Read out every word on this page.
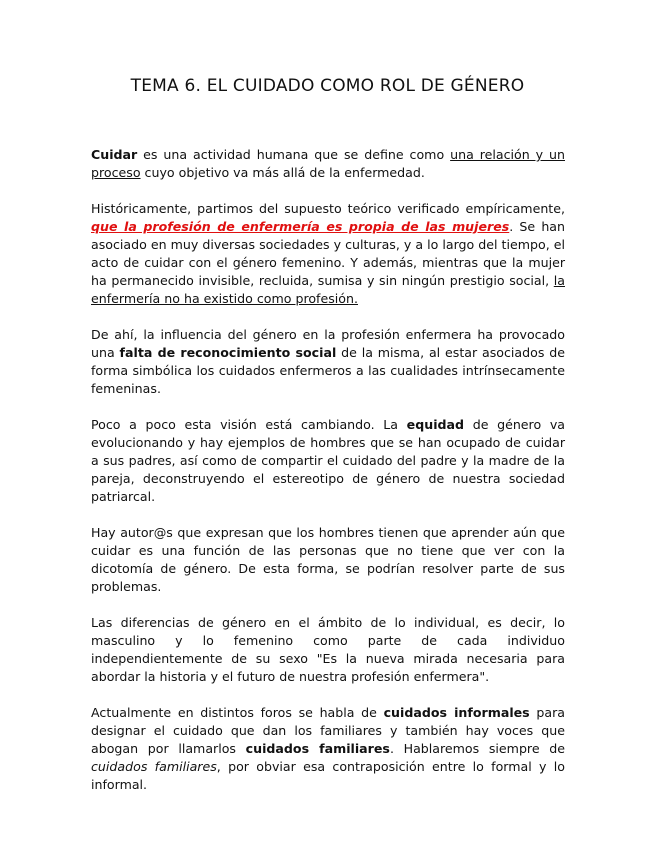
TEMA 6. EL CUIDADO COMO ROL DE GÉNERO

Cuidar es una actividad humana que se define como una relación y un proceso cuyo objetivo va más allá de la enfermedad.

Históricamente, partimos del supuesto teórico verificado empíricamente, que la profesión de enfermería es propia de las mujeres. Se han asociado en muy diversas sociedades y culturas, y a lo largo del tiempo, el acto de cuidar con el género femenino. Y además, mientras que la mujer ha permanecido invisible, recluida, sumisa y sin ningún prestigio social, la enfermería no ha existido como profesión.

De ahí, la influencia del género en la profesión enfermera ha provocado una falta de reconocimiento social de la misma, al estar asociados de forma simbólica los cuidados enfermeros a las cualidades intrínsecamente femeninas.

Poco a poco esta visión está cambiando. La equidad de género va evolucionando y hay ejemplos de hombres que se han ocupado de cuidar a sus padres, así como de compartir el cuidado del padre y la madre de la pareja, deconstruyendo el estereotipo de género de nuestra sociedad patriarcal.

Hay autor@s que expresan que los hombres tienen que aprender aún que cuidar es una función de las personas que no tiene que ver con la dicotomía de género. De esta forma, se podrían resolver parte de sus problemas.

Las diferencias de género en el ámbito de lo individual, es decir, lo masculino y lo femenino como parte de cada individuo independientemente de su sexo "Es la nueva mirada necesaria para abordar la historia y el futuro de nuestra profesión enfermera".

Actualmente en distintos foros se habla de cuidados informales para designar el cuidado que dan los familiares y también hay voces que abogan por llamarlos cuidados familiares. Hablaremos siempre de cuidados familiares, por obviar esa contraposición entre lo formal y lo informal.
